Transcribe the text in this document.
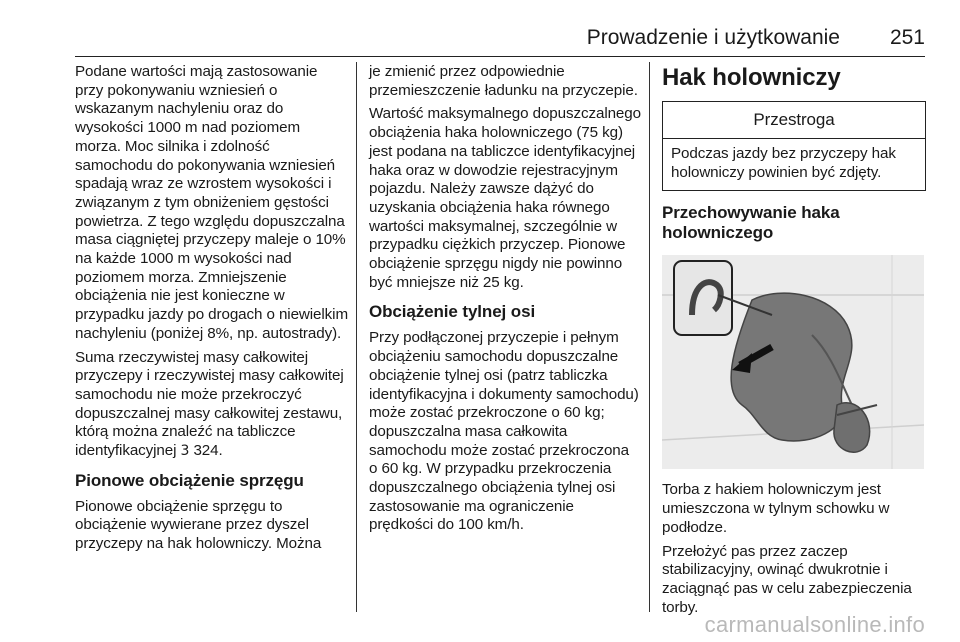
Prowadzenie i użytkowanie 251

Podane wartości mają zastosowanie przy pokonywaniu wzniesień o wskazanym nachyleniu oraz do wysokości 1000 m nad poziomem morza. Moc silnika i zdolność samochodu do pokonywania wzniesień spadają wraz ze wzrostem wysokości i związanym z tym obniżeniem gęstości powietrza. Z tego względu dopuszczalna masa ciągniętej przyczepy maleje o 10% na każde 1000 m wysokości nad poziomem morza. Zmniejszenie obciążenia nie jest konieczne w przypadku jazdy po drogach o niewielkim nachyleniu (poniżej 8%, np. autostrady).

Suma rzeczywistej masy całkowitej przyczepy i rzeczywistej masy całkowitej samochodu nie może przekroczyć dopuszczalnej masy całkowitej zestawu, którą można znaleźć na tabliczce identyfikacyjnej 3 324.

Pionowe obciążenie sprzęgu

Pionowe obciążenie sprzęgu to obciążenie wywierane przez dyszel przyczepy na hak holowniczy. Można

je zmienić przez odpowiednie przemieszczenie ładunku na przyczepie.

Wartość maksymalnego dopuszczalnego obciążenia haka holowniczego (75 kg) jest podana na tabliczce identyfikacyjnej haka oraz w dowodzie rejestracyjnym pojazdu. Należy zawsze dążyć do uzyskania obciążenia haka równego wartości maksymalnej, szczególnie w przypadku ciężkich przyczep. Pionowe obciążenie sprzęgu nigdy nie powinno być mniejsze niż 25 kg.

Obciążenie tylnej osi

Przy podłączonej przyczepie i pełnym obciążeniu samochodu dopuszczalne obciążenie tylnej osi (patrz tabliczka identyfikacyjna i dokumenty samochodu) może zostać przekroczone o 60 kg; dopuszczalna masa całkowita samochodu może zostać przekroczona o 60 kg. W przypadku przekroczenia dopuszczalnego obciążenia tylnej osi zastosowanie ma ograniczenie prędkości do 100 km/h.

Hak holowniczy
Przestroga
Podczas jazdy bez przyczepy hak holowniczy powinien być zdjęty.
Przechowywanie haka holowniczego

Torba z hakiem holowniczym jest umieszczona w tylnym schowku w podłodze.

Przełożyć pas przez zaczep stabilizacyjny, owinąć dwukrotnie i zaciągnąć pas w celu zabezpieczenia torby.

carmanualsonline.info
